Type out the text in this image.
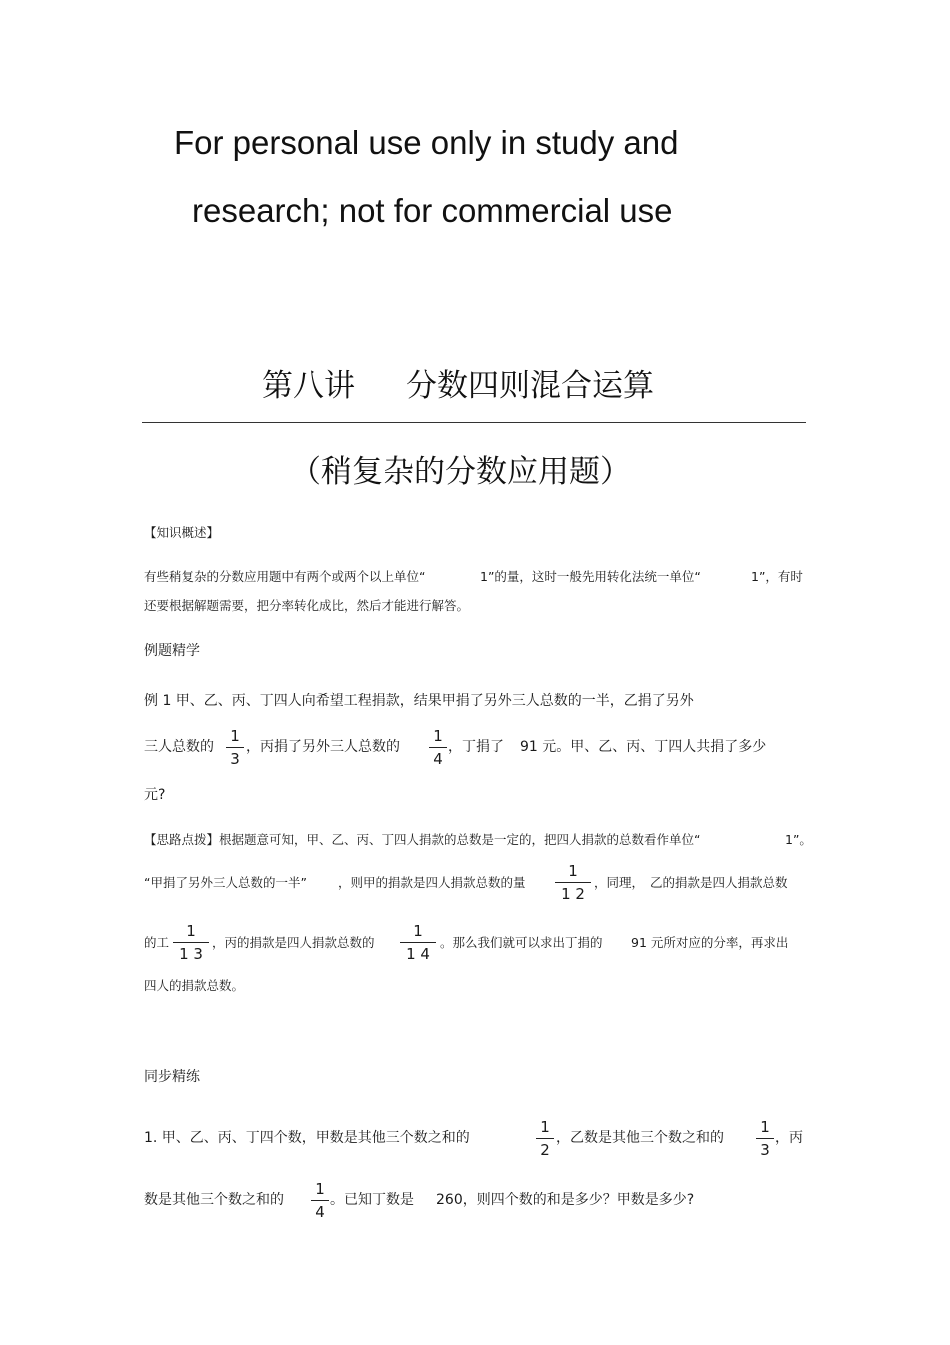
For personal use only in study and
research; not for commercial use
第八讲 分数四则混合运算
（稍复杂的分数应用题）
【知识概述】
有些稍复杂的分数应用题中有两个或两个以上单位“	1”的量，这时一般先用转化法统一单位“	1”，有时
还要根据解题需要，把分率转化成比，然后才能进行解答。
例题精学
例 1 甲、乙、丙、丁四人向希望工程捐款，结果甲捐了另外三人总数的一半，乙捐了另外
三人总数的
1
3
，丙捐了另外三人总数的
1
4
，丁捐了 91 元。甲、乙、丙、丁四人共捐了多少
元?
【思路点拨】根据题意可知，甲、乙、丙、丁四人捐款的总数是一定的，把四人捐款的总数看作单位“	1”。
“甲捐了另外三人总数的一半” ，则甲的捐款是四人捐款总数的量
1
1 2
，同理， 乙的捐款是四人捐款总数
的工
1
1 3
，丙的捐款是四人捐款总数的
1
1 4
。那么我们就可以求出丁捐的 91 元所对应的分率，再求出
四人的捐款总数。
同步精练
1. 甲、乙、丙、丁四个数，甲数是其他三个数之和的
1
2
，乙数是其他三个数之和的
1
3
，丙
数是其他三个数之和的
1
4
。已知丁数是 260，则四个数的和是多少？甲数是多少?
